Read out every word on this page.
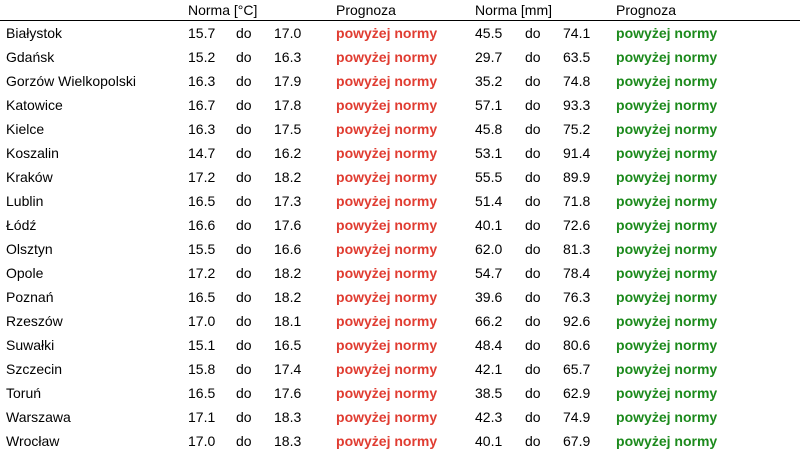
	Norma [°C]			Prognoza	Norma [mm]			Prognoza
Białystok	15.7	do	17.0	powyżej normy	45.5	do	74.1	powyżej normy
Gdańsk	15.2	do	16.3	powyżej normy	29.7	do	63.5	powyżej normy
Gorzów Wielkopolski	16.3	do	17.9	powyżej normy	35.2	do	74.8	powyżej normy
Katowice	16.7	do	17.8	powyżej normy	57.1	do	93.3	powyżej normy
Kielce	16.3	do	17.5	powyżej normy	45.8	do	75.2	powyżej normy
Koszalin	14.7	do	16.2	powyżej normy	53.1	do	91.4	powyżej normy
Kraków	17.2	do	18.2	powyżej normy	55.5	do	89.9	powyżej normy
Lublin	16.5	do	17.3	powyżej normy	51.4	do	71.8	powyżej normy
Łódź	16.6	do	17.6	powyżej normy	40.1	do	72.6	powyżej normy
Olsztyn	15.5	do	16.6	powyżej normy	62.0	do	81.3	powyżej normy
Opole	17.2	do	18.2	powyżej normy	54.7	do	78.4	powyżej normy
Poznań	16.5	do	18.2	powyżej normy	39.6	do	76.3	powyżej normy
Rzeszów	17.0	do	18.1	powyżej normy	66.2	do	92.6	powyżej normy
Suwałki	15.1	do	16.5	powyżej normy	48.4	do	80.6	powyżej normy
Szczecin	15.8	do	17.4	powyżej normy	42.1	do	65.7	powyżej normy
Toruń	16.5	do	17.6	powyżej normy	38.5	do	62.9	powyżej normy
Warszawa	17.1	do	18.3	powyżej normy	42.3	do	74.9	powyżej normy
Wrocław	17.0	do	18.3	powyżej normy	40.1	do	67.9	powyżej normy
